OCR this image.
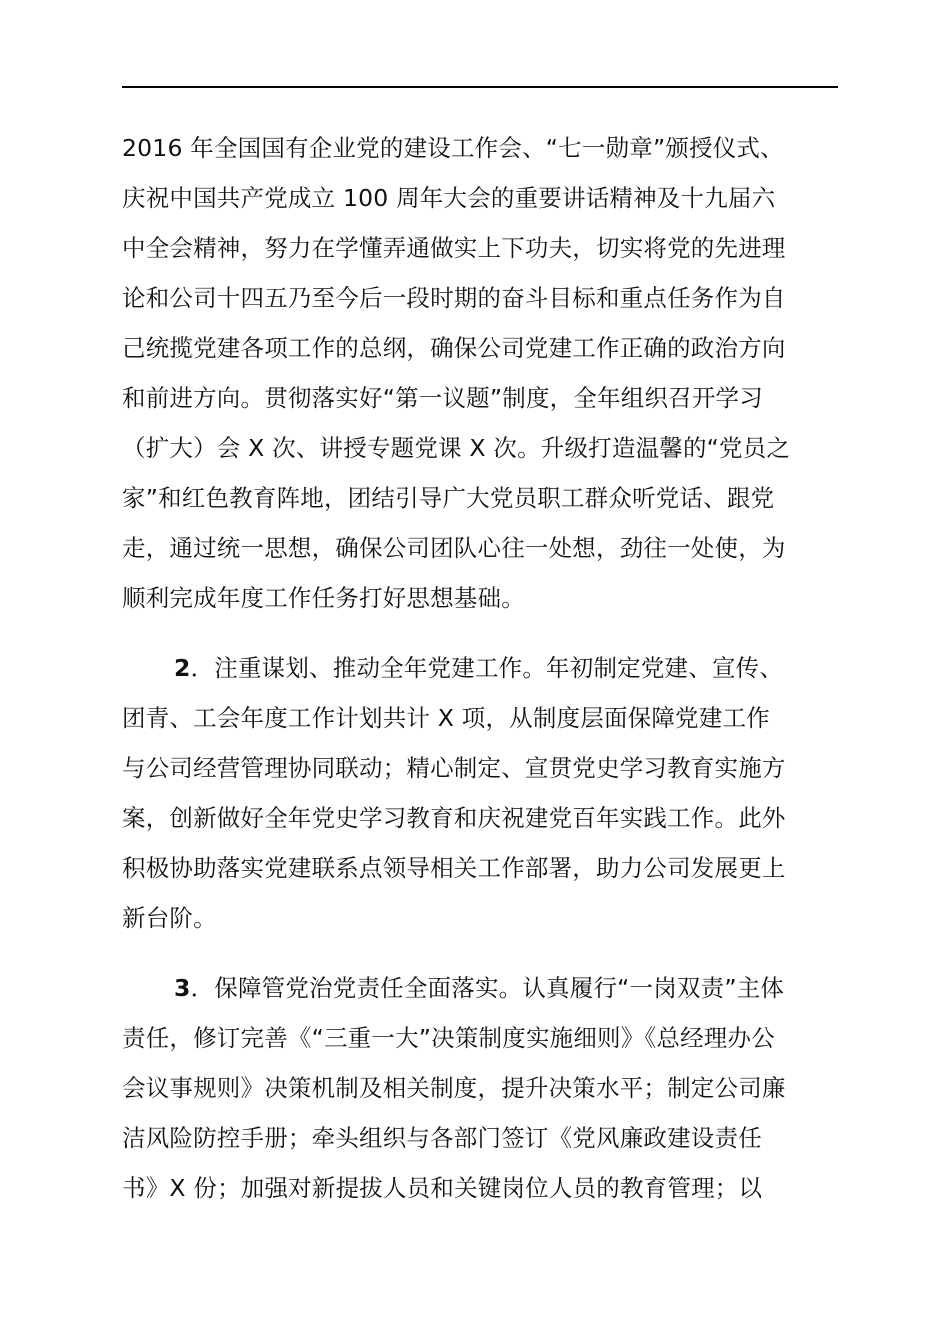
2016 年全国国有企业党的建设工作会、“七一勋章”颁授仪式、
庆祝中国共产党成立 100 周年大会的重要讲话精神及十九届六
中全会精神，努力在学懂弄通做实上下功夫，切实将党的先进理
论和公司十四五乃至今后一段时期的奋斗目标和重点任务作为自
己统揽党建各项工作的总纲，确保公司党建工作正确的政治方向
和前进方向。贯彻落实好“第一议题”制度，全年组织召开学习
（扩大）会 X 次、讲授专题党课 X 次。升级打造温馨的“党员之
家”和红色教育阵地，团结引导广大党员职工群众听党话、跟党
走，通过统一思想，确保公司团队心往一处想，劲往一处使，为
顺利完成年度工作任务打好思想基础。
2．注重谋划、推动全年党建工作。年初制定党建、宣传、
团青、工会年度工作计划共计 X 项，从制度层面保障党建工作
与公司经营管理协同联动；精心制定、宣贯党史学习教育实施方
案，创新做好全年党史学习教育和庆祝建党百年实践工作。此外
积极协助落实党建联系点领导相关工作部署，助力公司发展更上
新台阶。
3．保障管党治党责任全面落实。认真履行“一岗双责”主体
责任，修订完善《“三重一大”决策制度实施细则》《总经理办公
会议事规则》决策机制及相关制度，提升决策水平；制定公司廉
洁风险防控手册；牵头组织与各部门签订《党风廉政建设责任
书》X 份；加强对新提拔人员和关键岗位人员的教育管理；以
